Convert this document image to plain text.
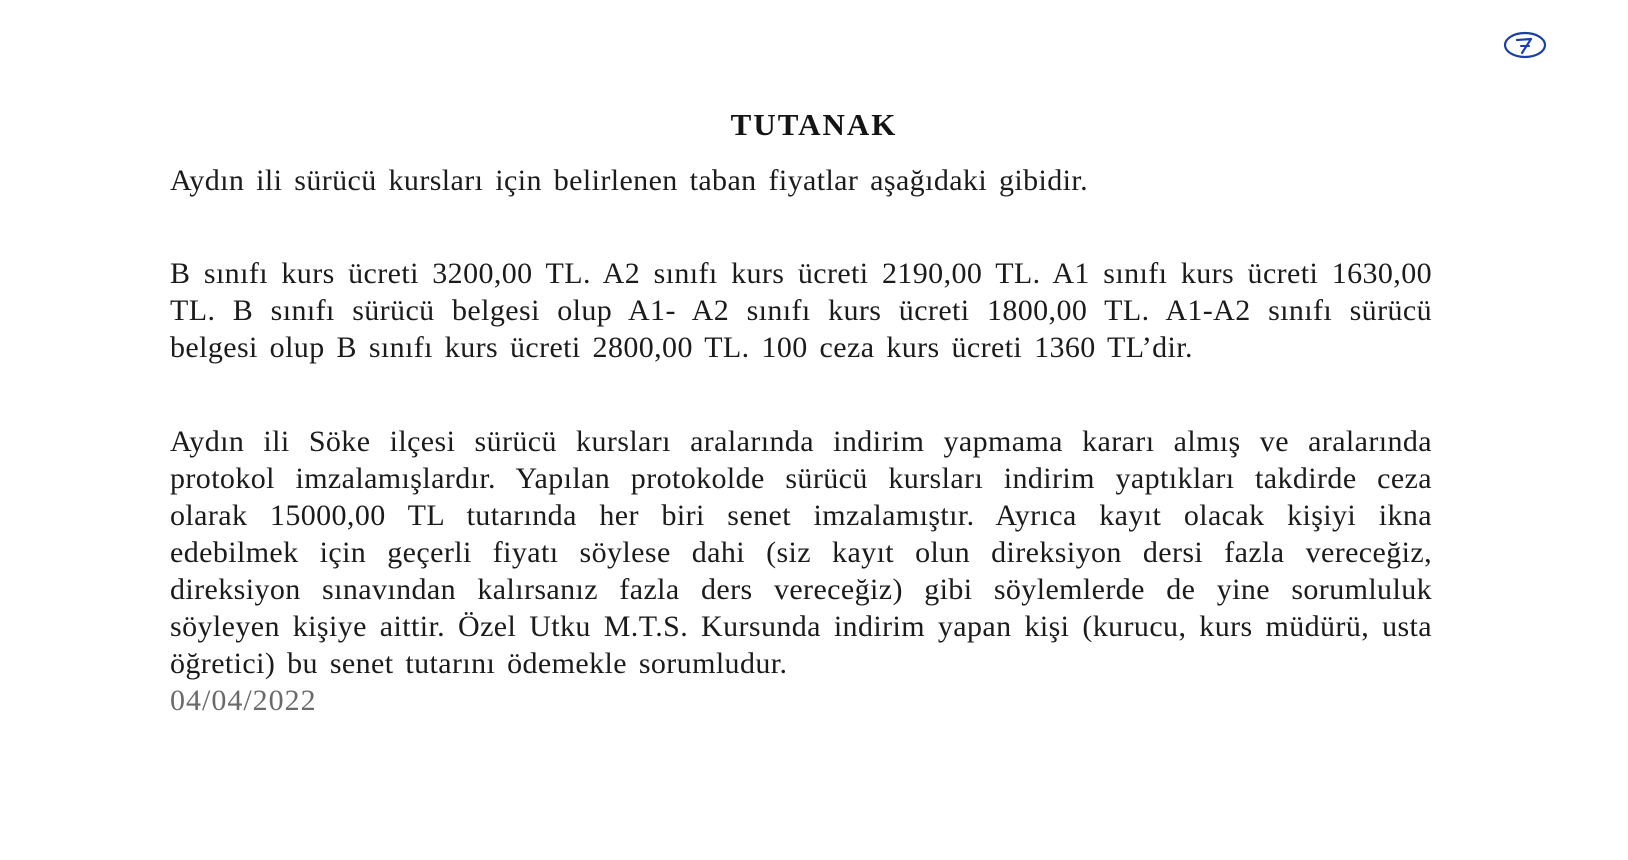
TUTANAK

Aydın ili sürücü kursları için belirlenen taban fiyatlar aşağıdaki gibidir.

B sınıfı kurs ücreti 3200,00 TL. A2 sınıfı kurs ücreti 2190,00 TL. A1 sınıfı kurs ücreti 1630,00 TL. B sınıfı sürücü belgesi olup A1- A2 sınıfı kurs ücreti 1800,00 TL. A1-A2 sınıfı sürücü belgesi olup B sınıfı kurs ücreti 2800,00 TL. 100 ceza kurs ücreti 1360 TL’dir.

Aydın ili Söke ilçesi sürücü kursları aralarında indirim yapmama kararı almış ve aralarında protokol imzalamışlardır. Yapılan protokolde sürücü kursları indirim yaptıkları takdirde ceza olarak 15000,00 TL tutarında her biri senet imzalamıştır. Ayrıca kayıt olacak kişiyi ikna edebilmek için geçerli fiyatı söylese dahi (siz kayıt olun direksiyon dersi fazla vereceğiz, direksiyon sınavından kalırsanız fazla ders vereceğiz) gibi söylemlerde de yine sorumluluk söyleyen kişiye aittir. Özel Utku M.T.S. Kursunda indirim yapan kişi (kurucu, kurs müdürü, usta öğretici) bu senet tutarını ödemekle sorumludur.
04/04/2022
